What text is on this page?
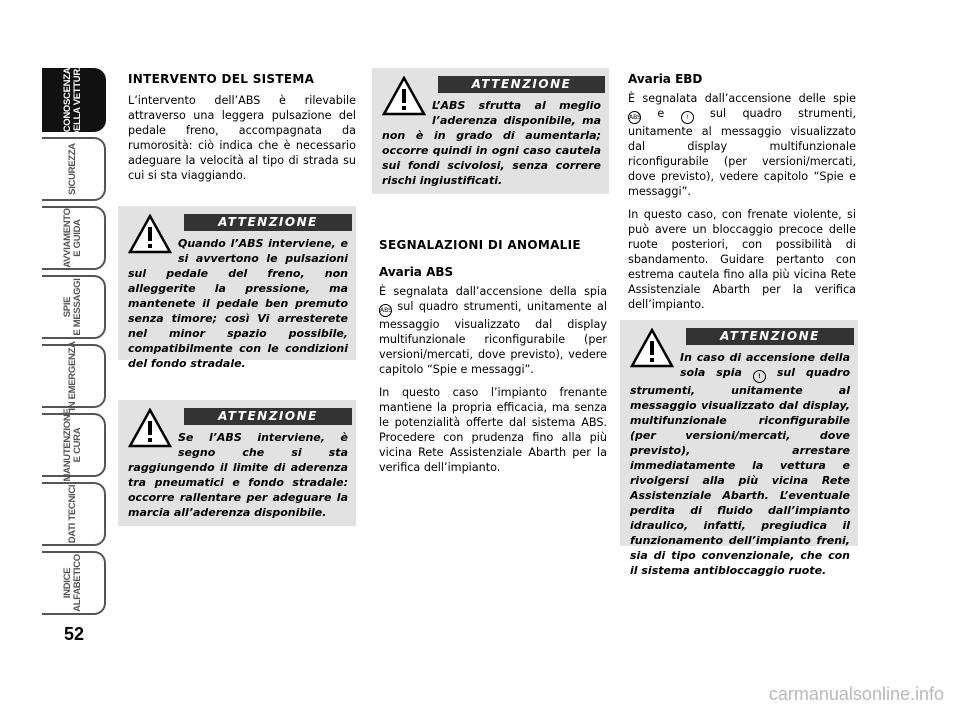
CONOSCENZA
DELLA VETTURA
SICUREZZA
AVVIAMENTO
E GUIDA
SPIE
E MESSAGGI
IN EMERGENZA
MANUTENZIONE
E CURA
DATI TECNICI
INDICE
ALFABETICO
52
INTERVENTO DEL SISTEMA

L’intervento dell’ABS è rilevabile attraverso una leggera pulsazione del pedale freno, accompagnata da rumorosità: ciò indica che è necessario adeguare la velocità al tipo di strada su cui si sta viaggiando.

ATTENZIONE
Quando l’ABS interviene, e si avvertono le pulsazioni sul pedale del freno, non alleggerite la pressione, ma mantenete il pedale ben premuto senza timore; così Vi arresterete nel minor spazio possibile, compatibilmente con le condizioni del fondo stradale.
ATTENZIONE
Se l’ABS interviene, è segno che si sta raggiungendo il limite di aderenza tra pneumatici e fondo stradale: occorre rallentare per adeguare la marcia all’aderenza disponibile.
ATTENZIONE
L’ABS sfrutta al meglio l’aderenza disponibile, ma non è in grado di aumentarla; occorre quindi in ogni caso cautela sui fondi scivolosi, senza correre rischi ingiustificati.
SEGNALAZIONI DI ANOMALIE
Avaria ABS

È segnalata dall’accensione della spia ABS sul quadro strumenti, unitamente al messaggio visualizzato dal display multifunzionale riconfigurabile (per versioni/mercati, dove previsto), vedere capitolo “Spie e messaggi”.

In questo caso l’impianto frenante mantiene la propria efficacia, ma senza le potenzialità offerte dal sistema ABS. Procedere con prudenza fino alla più vicina Rete Assistenziale Abarth per la verifica dell’impianto.

Avaria EBD

È segnalata dall’accensione delle spie ABS e ! sul quadro strumenti, unitamente al messaggio visualizzato dal display multifunzionale riconfigurabile (per versioni/mercati, dove previsto), vedere capitolo “Spie e messaggi”.

In questo caso, con frenate violente, si può avere un bloccaggio precoce delle ruote posteriori, con possibilità di sbandamento. Guidare pertanto con estrema cautela fino alla più vicina Rete Assistenziale Abarth per la verifica dell’impianto.

ATTENZIONE
In caso di accensione della sola spia ! sul quadro strumenti, unitamente al messaggio visualizzato dal display, multifunzionale riconfigurabile (per versioni/mercati, dove previsto), arrestare immediatamente la vettura e rivolgersi alla più vicina Rete Assistenziale Abarth. L’eventuale perdita di fluido dall’impianto idraulico, infatti, pregiudica il funzionamento dell’impianto freni, sia di tipo convenzionale, che con il sistema antibloccaggio ruote.
carmanualsonline.info
